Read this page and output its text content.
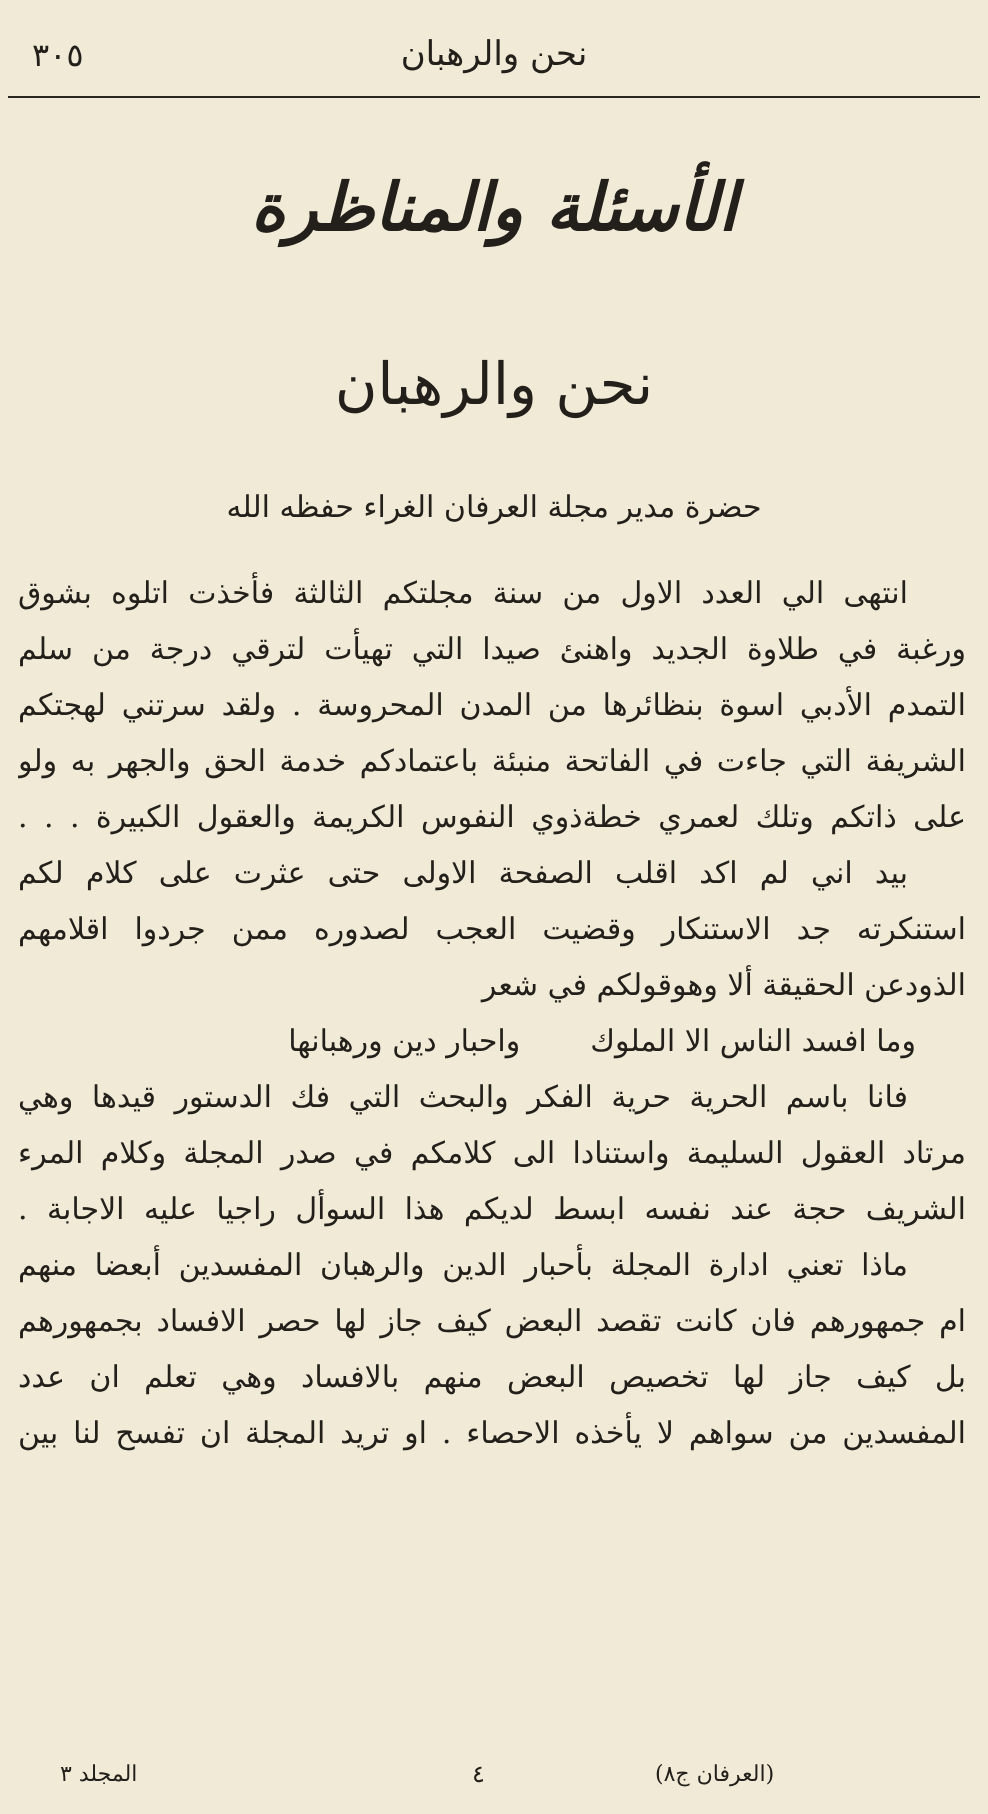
٣٠٥	نحن والرهبان
الأسئلة والمناظرة
نحن والرهبان
حضرة مدير مجلة العرفان الغراء حفظه الله
انتهى الي العدد الاول من سنة مجلتكم الثالثة فأخذت اتلوه بشوق
ورغبة في طلاوة الجديد واهنئ صيدا التي تهيأت لترقي درجة من سلم
التمدم الأدبي اسوة بنظائرها من المدن المحروسة . ولقد سرتني لهجتكم
الشريفة التي جاءت في الفاتحة منبئة باعتمادكم خدمة الحق والجهر به ولو
على ذاتكم وتلك لعمري خطةذوي النفوس الكريمة والعقول الكبيرة . . .
بيد اني لم اكد اقلب الصفحة الاولى حتى عثرت على كلام لكم
استنكرته جد الاستنكار وقضيت العجب لصدوره ممن جردوا اقلامهم
الذودعن الحقيقة ألا وهوقولكم في شعر
وما افسد الناس الا الملوك
واحبار دين ورهبانها
فانا باسم الحرية حرية الفكر والبحث التي فك الدستور قيدها وهي
مرتاد العقول السليمة واستنادا الى كلامكم في صدر المجلة وكلام المرء
الشريف حجة عند نفسه ابسط لديكم هذا السوأل راجيا عليه الاجابة .
ماذا تعني ادارة المجلة بأحبار الدين والرهبان المفسدين أبعضا منهم
ام جمهورهم فان كانت تقصد البعض كيف جاز لها حصر الافساد بجمهورهم
بل كيف جاز لها تخصيص البعض منهم بالافساد وهي تعلم ان عدد
المفسدين من سواهم لا يأخذه الاحصاء . او تريد المجلة ان تفسح لنا بين
المجلد ٣	٤	(العرفان ج٨)
